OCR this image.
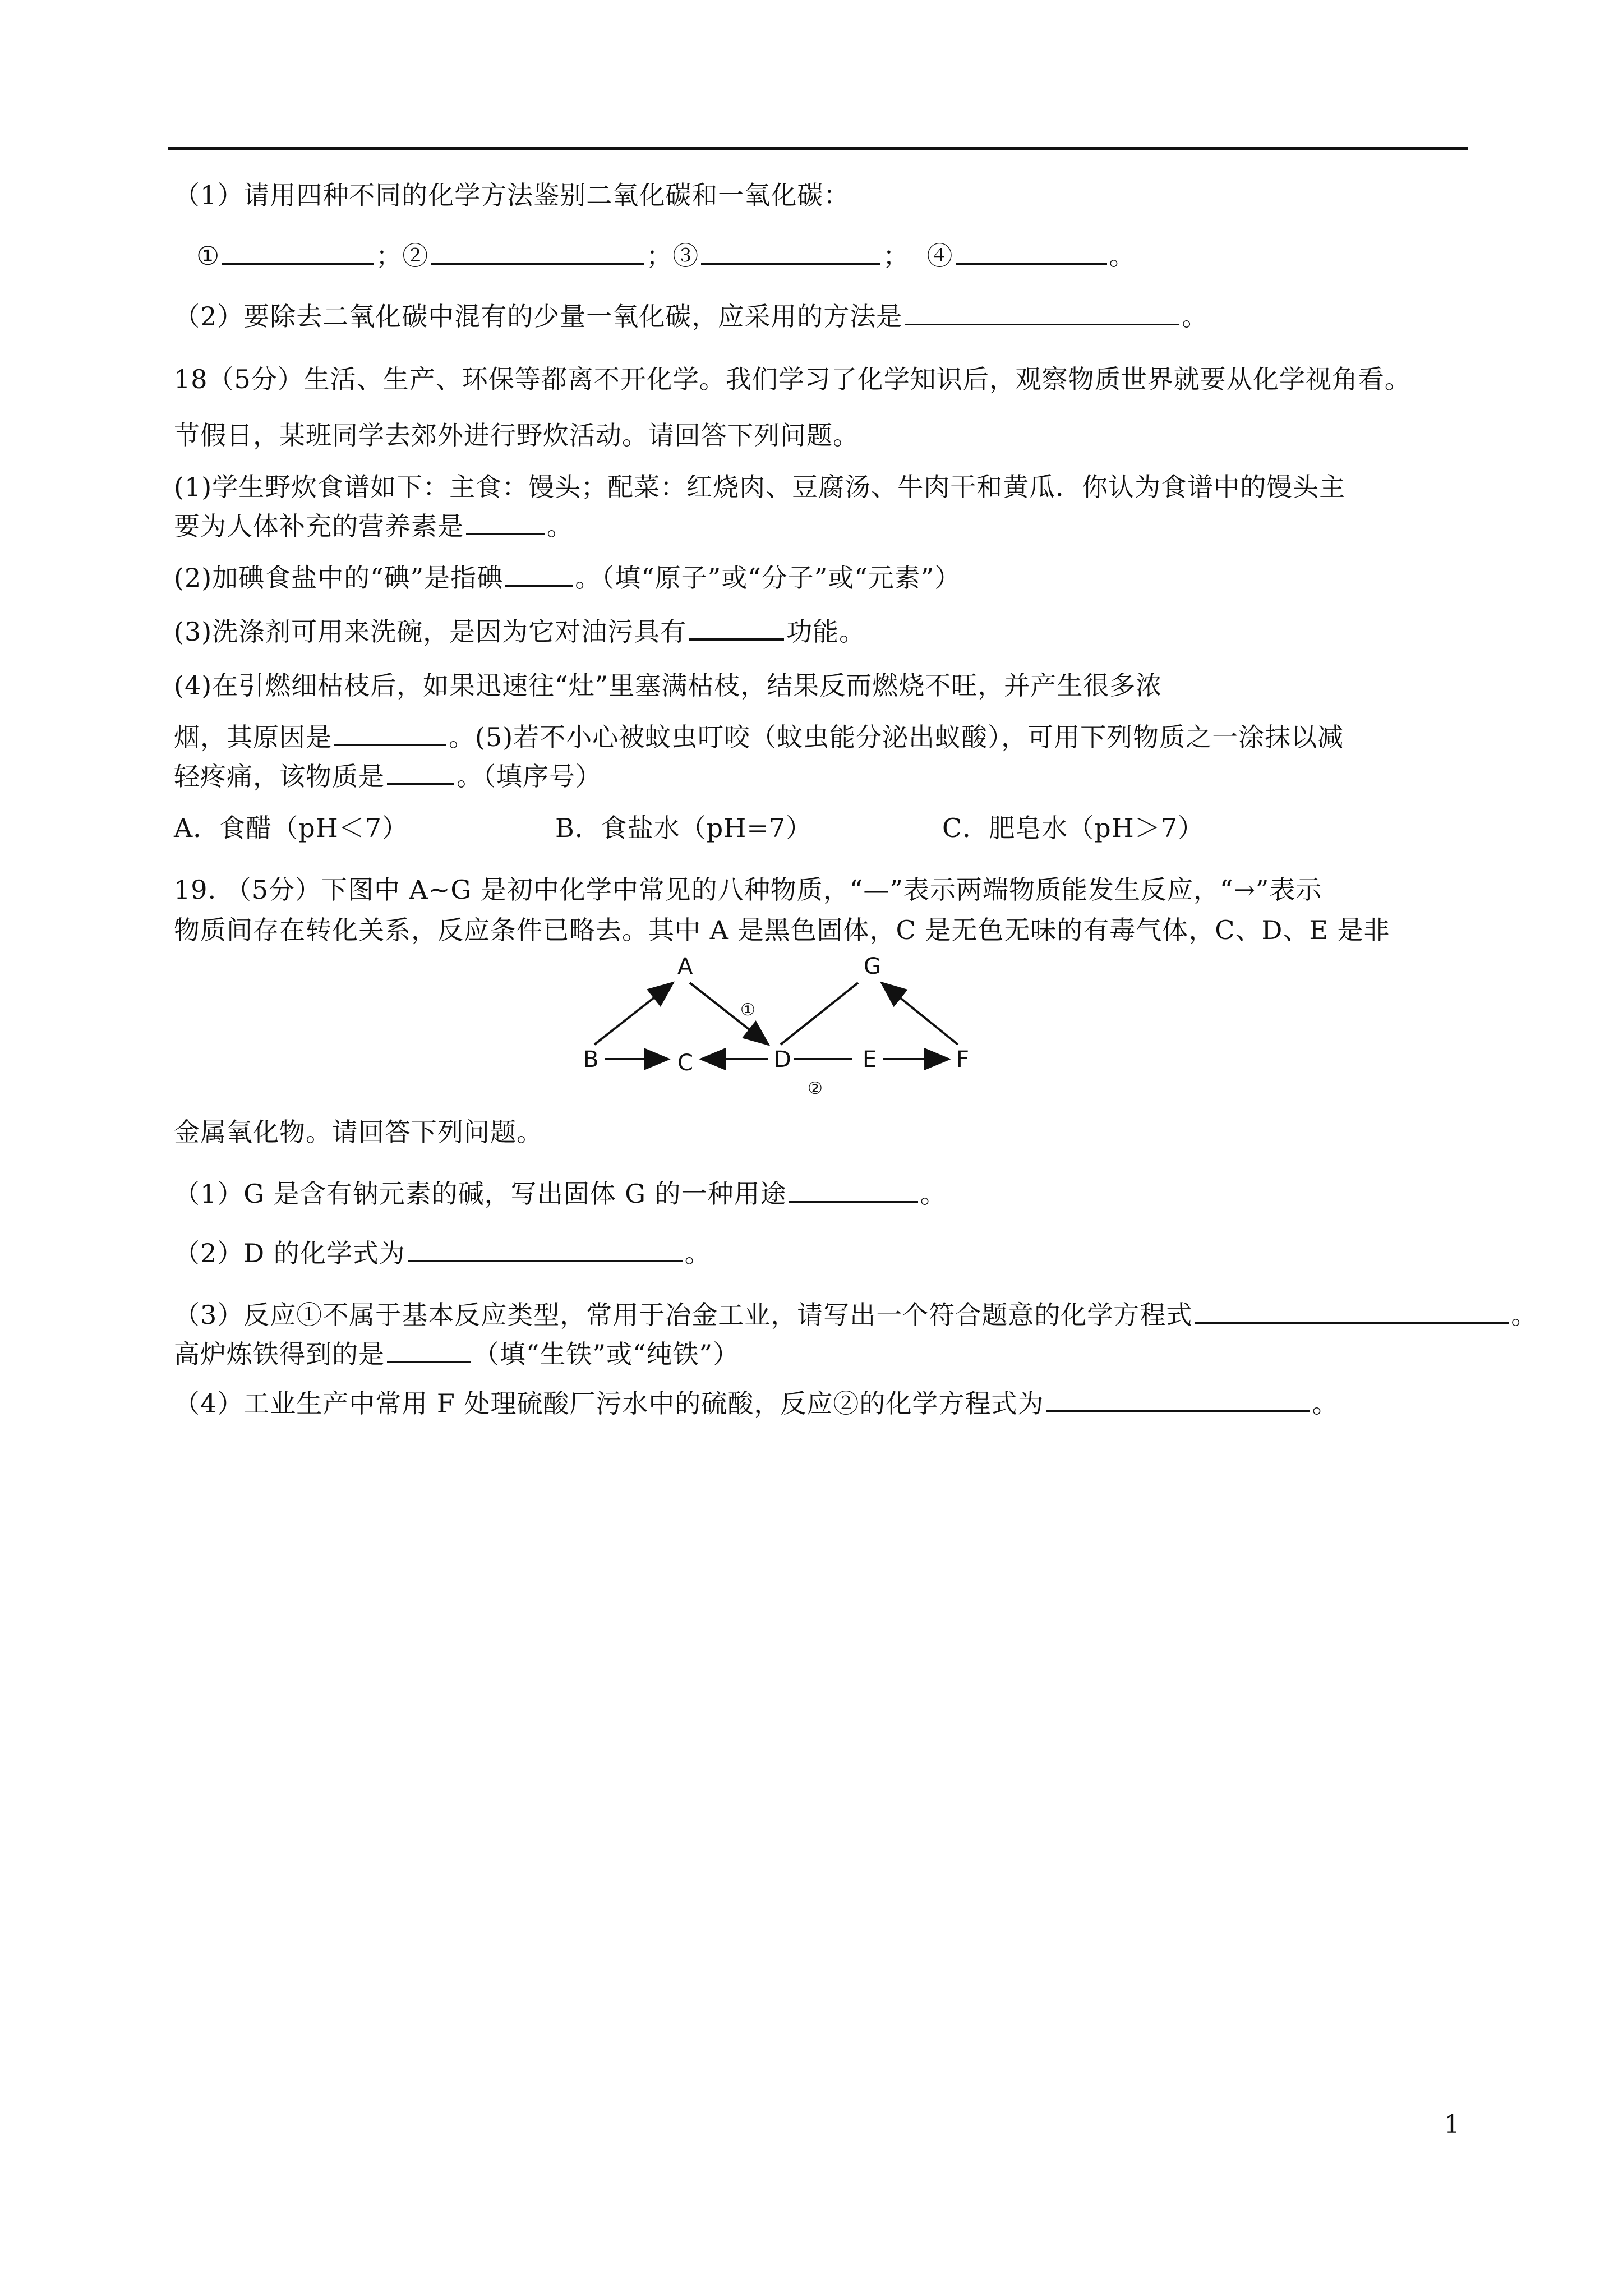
（1）请用四种不同的化学方法鉴别二氧化碳和一氧化碳：
①	；②	；③	； ④	。
（2）要除去二氧化碳中混有的少量一氧化碳，应采用的方法是	。
18（5分）生活、生产、环保等都离不开化学。我们学习了化学知识后，观察物质世界就要从化学视角看。
节假日，某班同学去郊外进行野炊活动。请回答下列问题。
(1)学生野炊食谱如下：主食：馒头；配菜：红烧肉、豆腐汤、牛肉干和黄瓜．你认为食谱中的馒头主
要为人体补充的营养素是	。
(2)加碘食盐中的“碘”是指碘	。（填“原子”或“分子”或“元素”）
(3)洗涤剂可用来洗碗，是因为它对油污具有	功能。
(4)在引燃细枯枝后，如果迅速往“灶”里塞满枯枝，结果反而燃烧不旺，并产生很多浓
烟，其原因是	。(5)若不小心被蚊虫叮咬（蚊虫能分泌出蚁酸），可用下列物质之一涂抹以减
轻疼痛，该物质是	。（填序号）
A．食醋（pH＜7）	B．食盐水（pH=7）	C．肥皂水（pH＞7）
19. （5分）下图中 A~G 是初中化学中常见的八种物质，“—”表示两端物质能发生反应，“→”表示
物质间存在转化关系，反应条件已略去。其中 A 是黑色固体，C 是无色无味的有毒气体，C、D、E 是非
A
B	C	D	E	F
G
①
②
金属氧化物。请回答下列问题。
（1）G 是含有钠元素的碱，写出固体 G 的一种用途	。
（2）D 的化学式为	。
（3）反应①不属于基本反应类型，常用于冶金工业，请写出一个符合题意的化学方程式	。
高炉炼铁得到的是	（填“生铁”或“纯铁”）
（4）工业生产中常用 F 处理硫酸厂污水中的硫酸，反应②的化学方程式为	。
1
